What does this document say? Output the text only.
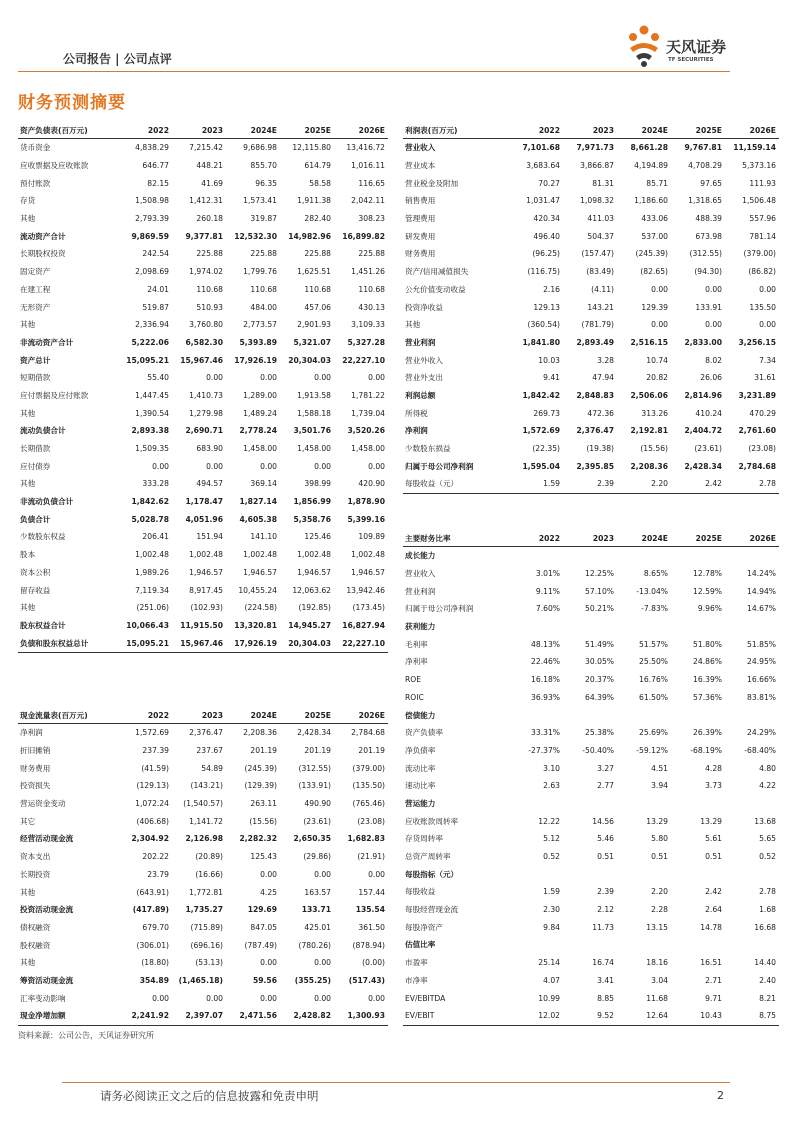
公司报告 | 公司点评
天风证券
TF SECURITIES
财务预测摘要
资产负债表(百万元)	2022	2023	2024E	2025E	2026E
货币资金	4,838.29	7,215.42	9,686.98	12,115.80	13,416.72
应收票据及应收账款	646.77	448.21	855.70	614.79	1,016.11
预付账款	82.15	41.69	96.35	58.58	116.65
存货	1,508.98	1,412.31	1,573.41	1,911.38	2,042.11
其他	2,793.39	260.18	319.87	282.40	308.23
流动资产合计	9,869.59	9,377.81	12,532.30	14,982.96	16,899.82
长期股权投资	242.54	225.88	225.88	225.88	225.88
固定资产	2,098.69	1,974.02	1,799.76	1,625.51	1,451.26
在建工程	24.01	110.68	110.68	110.68	110.68
无形资产	519.87	510.93	484.00	457.06	430.13
其他	2,336.94	3,760.80	2,773.57	2,901.93	3,109.33
非流动资产合计	5,222.06	6,582.30	5,393.89	5,321.07	5,327.28
资产总计	15,095.21	15,967.46	17,926.19	20,304.03	22,227.10
短期借款	55.40	0.00	0.00	0.00	0.00
应付票据及应付账款	1,447.45	1,410.73	1,289.00	1,913.58	1,781.22
其他	1,390.54	1,279.98	1,489.24	1,588.18	1,739.04
流动负债合计	2,893.38	2,690.71	2,778.24	3,501.76	3,520.26
长期借款	1,509.35	683.90	1,458.00	1,458.00	1,458.00
应付债券	0.00	0.00	0.00	0.00	0.00
其他	333.28	494.57	369.14	398.99	420.90
非流动负债合计	1,842.62	1,178.47	1,827.14	1,856.99	1,878.90
负债合计	5,028.78	4,051.96	4,605.38	5,358.76	5,399.16
少数股东权益	206.41	151.94	141.10	125.46	109.89
股本	1,002.48	1,002.48	1,002.48	1,002.48	1,002.48
资本公积	1,989.26	1,946.57	1,946.57	1,946.57	1,946.57
留存收益	7,119.34	8,917.45	10,455.24	12,063.62	13,942.46
其他	(251.06)	(102.93)	(224.58)	(192.85)	(173.45)
股东权益合计	10,066.43	11,915.50	13,320.81	14,945.27	16,827.94
负债和股东权益总计	15,095.21	15,967.46	17,926.19	20,304.03	22,227.10
利润表(百万元)	2022	2023	2024E	2025E	2026E
营业收入	7,101.68	7,971.73	8,661.28	9,767.81	11,159.14
营业成本	3,683.64	3,866.87	4,194.89	4,708.29	5,373.16
营业税金及附加	70.27	81.31	85.71	97.65	111.93
销售费用	1,031.47	1,098.32	1,186.60	1,318.65	1,506.48
管理费用	420.34	411.03	433.06	488.39	557.96
研发费用	496.40	504.37	537.00	673.98	781.14
财务费用	(96.25)	(157.47)	(245.39)	(312.55)	(379.00)
资产/信用减值损失	(116.75)	(83.49)	(82.65)	(94.30)	(86.82)
公允价值变动收益	2.16	(4.11)	0.00	0.00	0.00
投资净收益	129.13	143.21	129.39	133.91	135.50
其他	(360.54)	(781.79)	0.00	0.00	0.00
营业利润	1,841.80	2,893.49	2,516.15	2,833.00	3,256.15
营业外收入	10.03	3.28	10.74	8.02	7.34
营业外支出	9.41	47.94	20.82	26.06	31.61
利润总额	1,842.42	2,848.83	2,506.06	2,814.96	3,231.89
所得税	269.73	472.36	313.26	410.24	470.29
净利润	1,572.69	2,376.47	2,192.81	2,404.72	2,761.60
少数股东损益	(22.35)	(19.38)	(15.56)	(23.61)	(23.08)
归属于母公司净利润	1,595.04	2,395.85	2,208.36	2,428.34	2,784.68
每股收益（元）	1.59	2.39	2.20	2.42	2.78
现金流量表(百万元)	2022	2023	2024E	2025E	2026E
净利润	1,572.69	2,376.47	2,208.36	2,428.34	2,784.68
折旧摊销	237.39	237.67	201.19	201.19	201.19
财务费用	(41.59)	54.89	(245.39)	(312.55)	(379.00)
投资损失	(129.13)	(143.21)	(129.39)	(133.91)	(135.50)
营运资金变动	1,072.24	(1,540.57)	263.11	490.90	(765.46)
其它	(406.68)	1,141.72	(15.56)	(23.61)	(23.08)
经营活动现金流	2,304.92	2,126.98	2,282.32	2,650.35	1,682.83
资本支出	202.22	(20.89)	125.43	(29.86)	(21.91)
长期投资	23.79	(16.66)	0.00	0.00	0.00
其他	(643.91)	1,772.81	4.25	163.57	157.44
投资活动现金流	(417.89)	1,735.27	129.69	133.71	135.54
债权融资	679.70	(715.89)	847.05	425.01	361.50
股权融资	(306.01)	(696.16)	(787.49)	(780.26)	(878.94)
其他	(18.80)	(53.13)	0.00	0.00	(0.00)
筹资活动现金流	354.89	(1,465.18)	59.56	(355.25)	(517.43)
汇率变动影响	0.00	0.00	0.00	0.00	0.00
现金净增加额	2,241.92	2,397.07	2,471.56	2,428.82	1,300.93
主要财务比率	2022	2023	2024E	2025E	2026E
成长能力					
营业收入	3.01%	12.25%	8.65%	12.78%	14.24%
营业利润	9.11%	57.10%	-13.04%	12.59%	14.94%
归属于母公司净利润	7.60%	50.21%	-7.83%	9.96%	14.67%
获利能力					
毛利率	48.13%	51.49%	51.57%	51.80%	51.85%
净利率	22.46%	30.05%	25.50%	24.86%	24.95%
ROE	16.18%	20.37%	16.76%	16.39%	16.66%
ROIC	36.93%	64.39%	61.50%	57.36%	83.81%
偿债能力					
资产负债率	33.31%	25.38%	25.69%	26.39%	24.29%
净负债率	-27.37%	-50.40%	-59.12%	-68.19%	-68.40%
流动比率	3.10	3.27	4.51	4.28	4.80
速动比率	2.63	2.77	3.94	3.73	4.22
营运能力					
应收账款周转率	12.22	14.56	13.29	13.29	13.68
存货周转率	5.12	5.46	5.80	5.61	5.65
总资产周转率	0.52	0.51	0.51	0.51	0.52
每股指标（元）					
每股收益	1.59	2.39	2.20	2.42	2.78
每股经营现金流	2.30	2.12	2.28	2.64	1.68
每股净资产	9.84	11.73	13.15	14.78	16.68
估值比率					
市盈率	25.14	16.74	18.16	16.51	14.40
市净率	4.07	3.41	3.04	2.71	2.40
EV/EBITDA	10.99	8.85	11.68	9.71	8.21
EV/EBIT	12.02	9.52	12.64	10.43	8.75
资料来源：公司公告，天风证券研究所
请务必阅读正文之后的信息披露和免责申明	2
